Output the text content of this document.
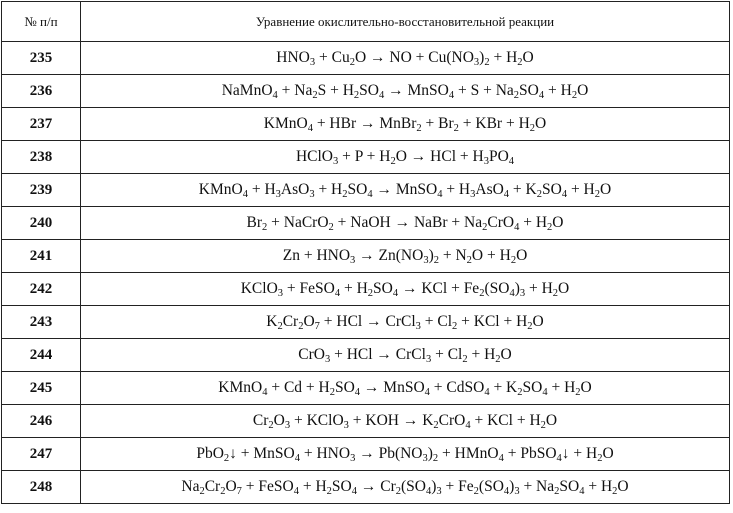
№ п/п	Уравнение окислительно-восстановительной реакции
235	$HNO_3 + Cu_2O$ → NO + $Cu(NO_3)_2 + H_2O$
236	NaMnO$_4$ + $Na_2S + H_2SO_4$ → MnSO$_4$ + $S + Na_2SO_4 + H_2O$
237	KMnO$_4$ + HBr → MnBr$_2$ + $Br_2$ + KBr + $H_2O$
238	HClO$_3$ + $P + H_2O$ → HCl + $H_3PO_4$
239	KMnO$_4$ + $H_3AsO_3 + H_2SO_4$ → MnSO$_4$ + $H_3AsO_4 + K_2SO_4 + H_2O$
240	$Br_2$ + NaCrO$_2$ + NaOH → NaBr + $Na_2CrO_4 + H_2O$
241	$Zn + HNO_3 \to Zn(NO_3)_2 + N_2O + H_2O$
242	KClO$_3$ + FeSO$_4$ + $H_2SO_4$ → KCl + $Fe_2(SO_4)_3 + H_2O$
243	$K_2Cr_2O_7$ + HCl → CrCl$_3$ + $Cl_2$ + KCl + $H_2O$
244	CrO$_3$ + HCl → CrCl$_3$ + $Cl_2 + H_2O$
245	KMnO$_4$ + $Cd + H_2SO_4$ → MnSO$_4$ + CdSO$_4$ + $K_2SO_4 + H_2O$
246	$Cr_2O_3$ + KClO$_3$ + KOH → $K_2CrO_4$ + KCl + $H_2O$
247	PbO$_2$↓ + MnSO$_4$ + $HNO_3 \to Pb(NO_3)_2$ + HMnO$_4$ + PbSO$_4$↓ + $H_2O$
248	$Na_2Cr_2O_7$ + FeSO$_4$ + $H_2SO_4 \to Cr_2(SO_4)_3 + Fe_2(SO_4)_3 + Na_2SO_4 + H_2O$
